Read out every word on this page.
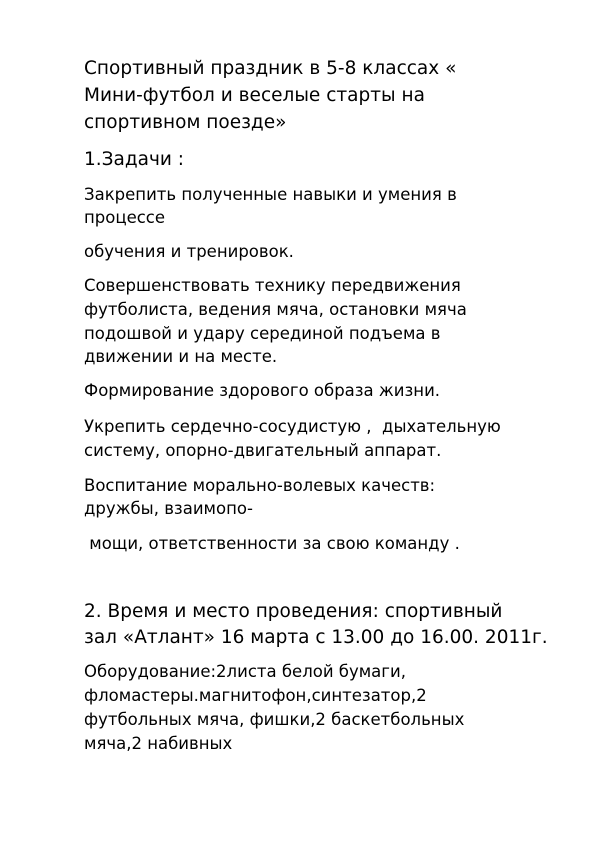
Спортивный праздник в 5-8 классах «
Мини-футбол и веселые старты на
спортивном поезде»
1.Задачи :
Закрепить полученные навыки и умения в
процессе
обучения и тренировок.
Совершенствовать технику передвижения
футболиста, ведения мяча, остановки мяча
подошвой и удару серединой подъема в
движении и на месте.
Формирование здорового образа жизни.
Укрепить сердечно-сосудистую ,  дыхательную
систему, опорно-двигательный аппарат.
Воспитание морально-волевых качеств:
дружбы, взаимопо-
мощи, ответственности за свою команду .
2. Время и место проведения: спортивный
зал «Атлант» 16 марта с 13.00 до 16.00. 2011г.
Оборудование:2листа белой бумаги,
фломастеры.магнитофон,синтезатор,2
футбольных мяча, фишки,2 баскетбольных
мяча,2 набивных
